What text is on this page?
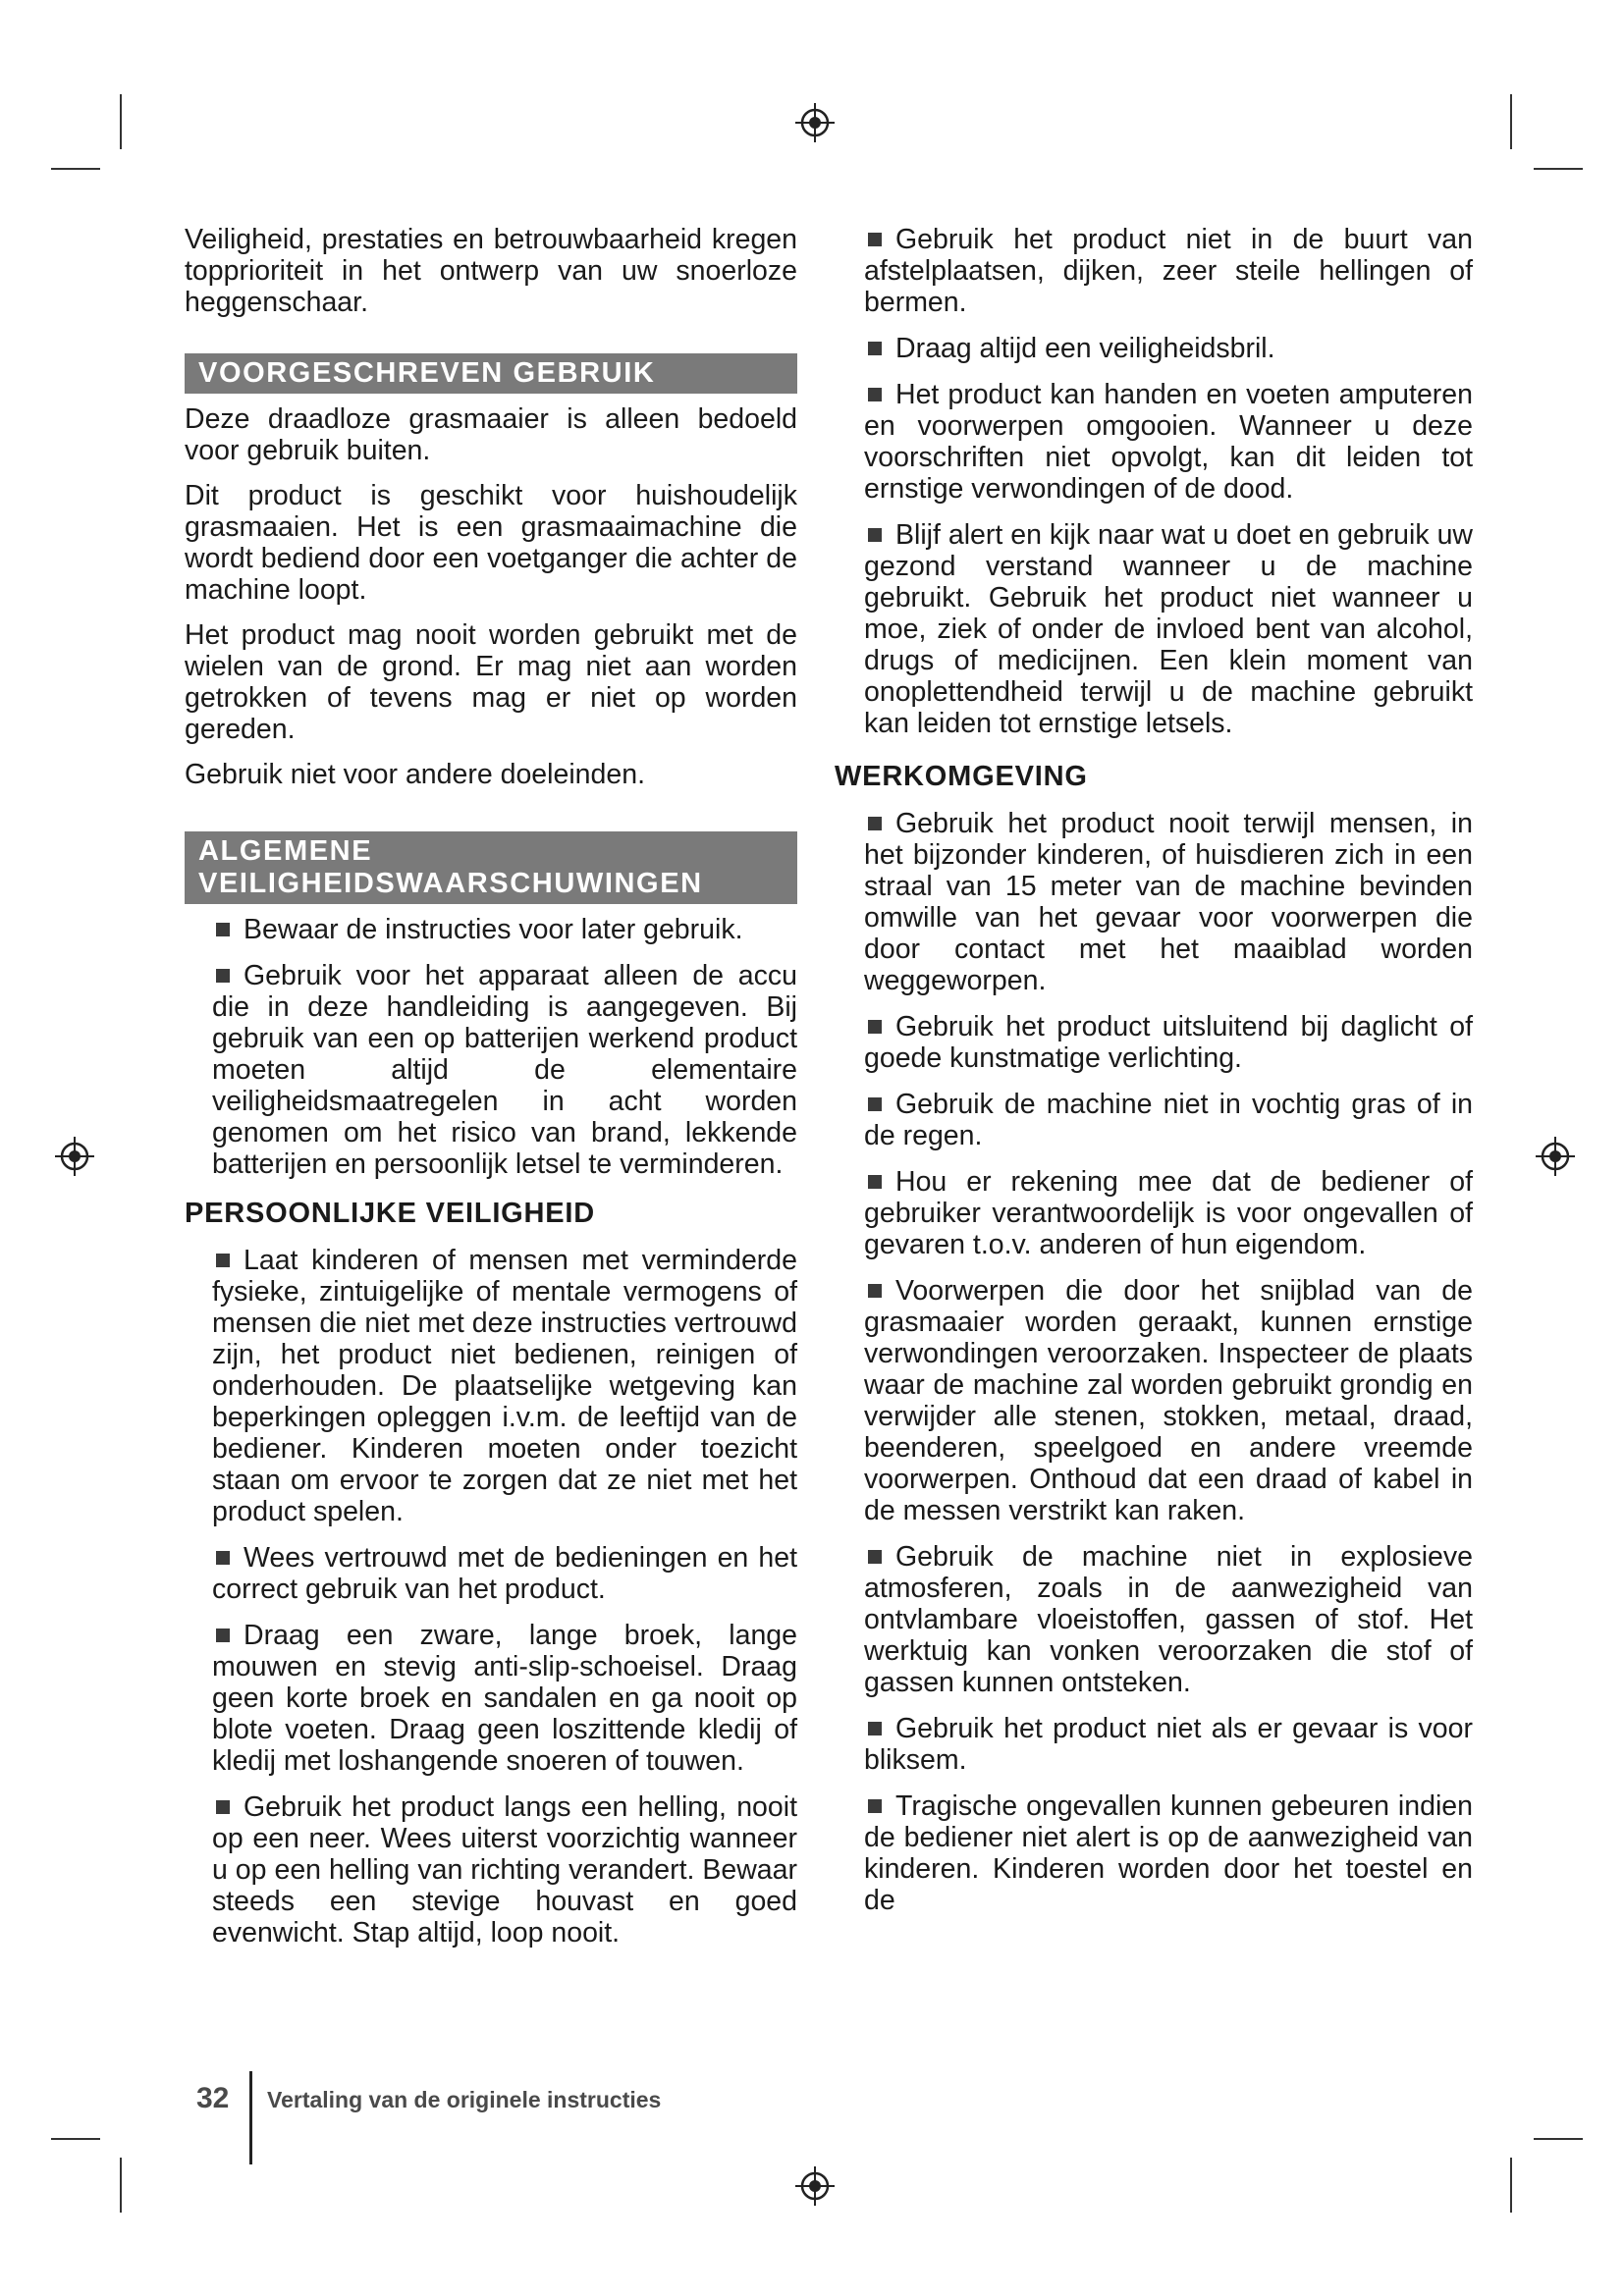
Veiligheid, prestaties en betrouwbaarheid kregen topprioriteit in het ontwerp van uw snoerloze heggenschaar.

VOORGESCHREVEN GEBRUIK

Deze draadloze grasmaaier is alleen bedoeld voor gebruik buiten.

Dit product is geschikt voor huishoudelijk grasmaaien. Het is een grasmaaimachine die wordt bediend door een voetganger die achter de machine loopt.

Het product mag nooit worden gebruikt met de wielen van de grond. Er mag niet aan worden getrokken of tevens mag er niet op worden gereden.

Gebruik niet voor andere doeleinden.

ALGEMENE
VEILIGHEIDSWAARSCHUWINGEN
Bewaar de instructies voor later gebruik.
Gebruik voor het apparaat alleen de accu die in deze handleiding is aangegeven. Bij gebruik van een op batterijen werkend product moeten altijd de elementaire veiligheidsmaatregelen in acht worden genomen om het risico van brand, lekkende batterijen en persoonlijk letsel te verminderen.
PERSOONLIJKE VEILIGHEID
Laat kinderen of mensen met verminderde fysieke, zintuigelijke of mentale vermogens of mensen die niet met deze instructies vertrouwd zijn, het product niet bedienen, reinigen of onderhouden. De plaatselijke wetgeving kan beperkingen opleggen i.v.m. de leeftijd van de bediener. Kinderen moeten onder toezicht staan om ervoor te zorgen dat ze niet met het product spelen.
Wees vertrouwd met de bedieningen en het correct gebruik van het product.
Draag een zware, lange broek, lange mouwen en stevig anti-slip-schoeisel. Draag geen korte broek en sandalen en ga nooit op blote voeten. Draag geen loszittende kledij of kledij met loshangende snoeren of touwen.
Gebruik het product langs een helling, nooit op een neer. Wees uiterst voorzichtig wanneer u op een helling van richting verandert. Bewaar steeds een stevige houvast en goed evenwicht. Stap altijd, loop nooit.
Gebruik het product niet in de buurt van afstelplaatsen, dijken, zeer steile hellingen of bermen.
Draag altijd een veiligheidsbril.
Het product kan handen en voeten amputeren en voorwerpen omgooien. Wanneer u deze voorschriften niet opvolgt, kan dit leiden tot ernstige verwondingen of de dood.
Blijf alert en kijk naar wat u doet en gebruik uw gezond verstand wanneer u de machine gebruikt. Gebruik het product niet wanneer u moe, ziek of onder de invloed bent van alcohol, drugs of medicijnen. Een klein moment van onoplettendheid terwijl u de machine gebruikt kan leiden tot ernstige letsels.
WERKOMGEVING
Gebruik het product nooit terwijl mensen, in het bijzonder kinderen, of huisdieren zich in een straal van 15 meter van de machine bevinden omwille van het gevaar voor voorwerpen die door contact met het maaiblad worden weggeworpen.
Gebruik het product uitsluitend bij daglicht of goede kunstmatige verlichting.
Gebruik de machine niet in vochtig gras of in de regen.
Hou er rekening mee dat de bediener of gebruiker verantwoordelijk is voor ongevallen of gevaren t.o.v. anderen of hun eigendom.
Voorwerpen die door het snijblad van de grasmaaier worden geraakt, kunnen ernstige verwondingen veroorzaken. Inspecteer de plaats waar de machine zal worden gebruikt grondig en verwijder alle stenen, stokken, metaal, draad, beenderen, speelgoed en andere vreemde voorwerpen. Onthoud dat een draad of kabel in de messen verstrikt kan raken.
Gebruik de machine niet in explosieve atmosferen, zoals in de aanwezigheid van ontvlambare vloeistoffen, gassen of stof. Het werktuig kan vonken veroorzaken die stof of gassen kunnen ontsteken.
Gebruik het product niet als er gevaar is voor bliksem.
Tragische ongevallen kunnen gebeuren indien de bediener niet alert is op de aanwezigheid van kinderen. Kinderen worden door het toestel en de
32 Vertaling van de originele instructies
